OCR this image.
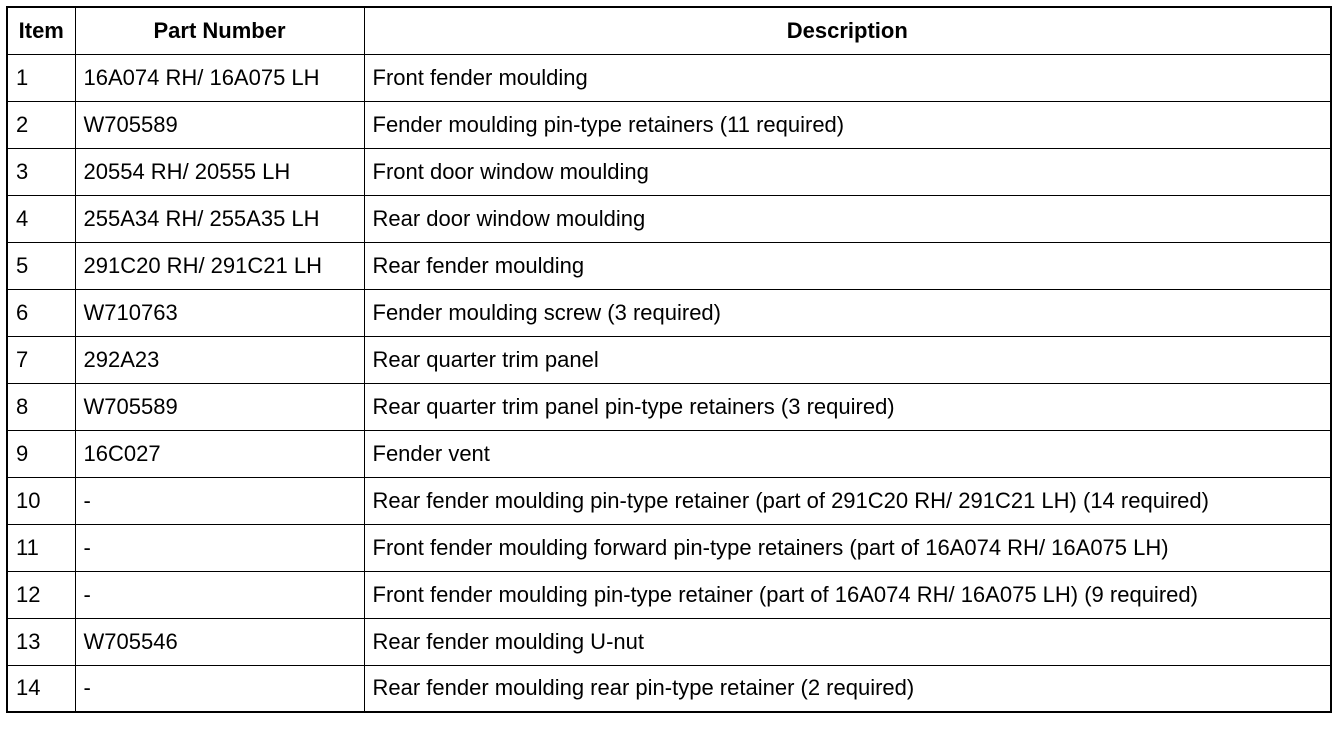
Item	Part Number	Description
1	16A074 RH/ 16A075 LH	Front fender moulding
2	W705589	Fender moulding pin-type retainers (11 required)
3	20554 RH/ 20555 LH	Front door window moulding
4	255A34 RH/ 255A35 LH	Rear door window moulding
5	291C20 RH/ 291C21 LH	Rear fender moulding
6	W710763	Fender moulding screw (3 required)
7	292A23	Rear quarter trim panel
8	W705589	Rear quarter trim panel pin-type retainers (3 required)
9	16C027	Fender vent
10	-	Rear fender moulding pin-type retainer (part of 291C20 RH/ 291C21 LH) (14 required)
11	-	Front fender moulding forward pin-type retainers (part of 16A074 RH/ 16A075 LH)
12	-	Front fender moulding pin-type retainer (part of 16A074 RH/ 16A075 LH) (9 required)
13	W705546	Rear fender moulding U-nut
14	-	Rear fender moulding rear pin-type retainer (2 required)
